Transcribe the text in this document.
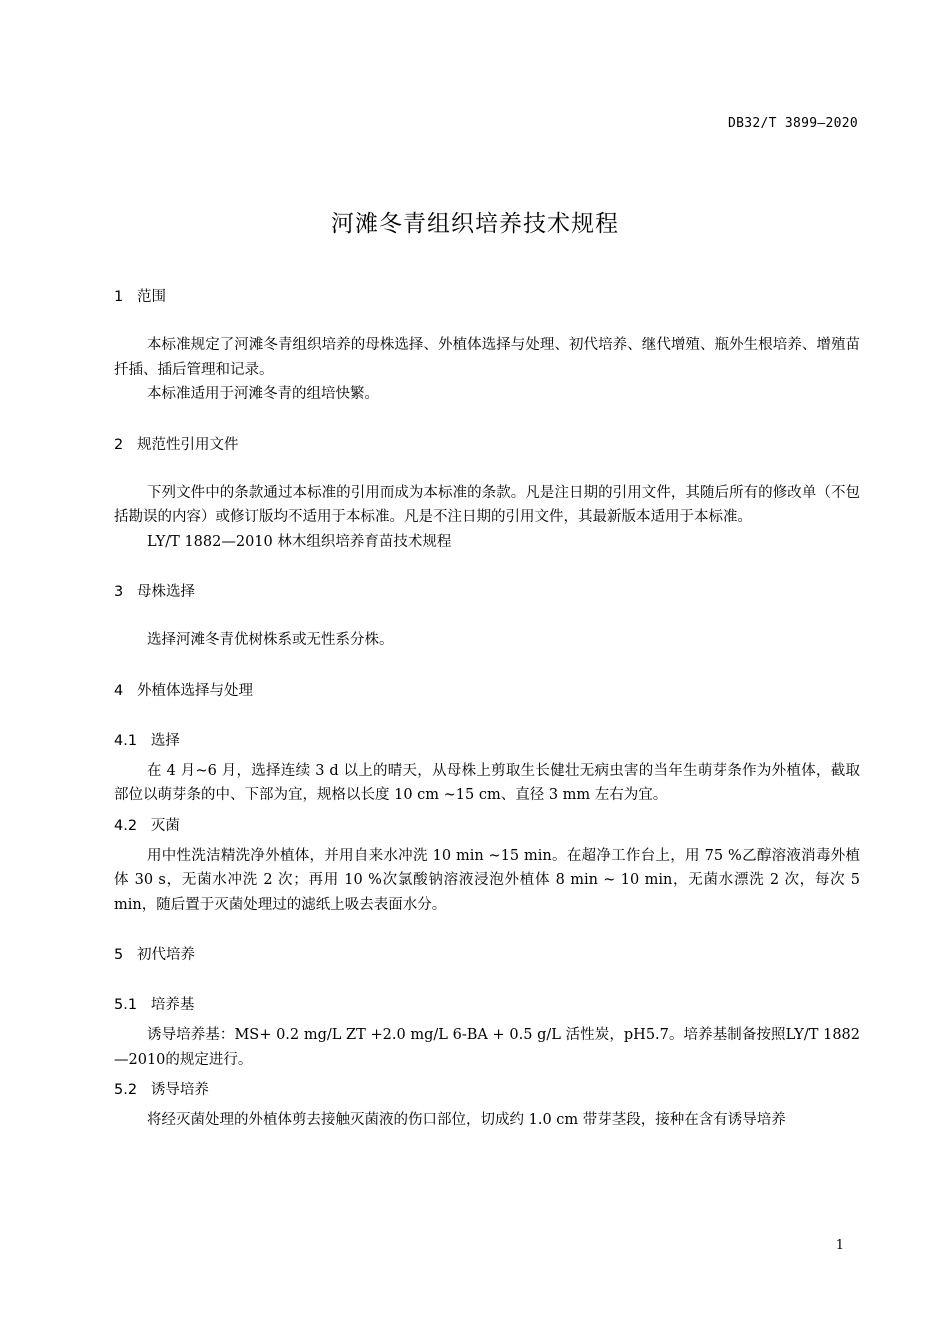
DB32/T 3899—2020
河滩冬青组织培养技术规程
1   范围
本标准规定了河滩冬青组织培养的母株选择、外植体选择与处理、初代培养、继代增殖、瓶外生根培养、增殖苗扦插、插后管理和记录。
本标准适用于河滩冬青的组培快繁。
2   规范性引用文件
下列文件中的条款通过本标准的引用而成为本标准的条款。凡是注日期的引用文件，其随后所有的修改单（不包括勘误的内容）或修订版均不适用于本标准。凡是不注日期的引用文件，其最新版本适用于本标准。
LY/T 1882—2010 林木组织培养育苗技术规程
3   母株选择
选择河滩冬青优树株系或无性系分株。
4   外植体选择与处理
4.1   选择
在 4 月~6 月，选择连续 3 d 以上的晴天，从母株上剪取生长健壮无病虫害的当年生萌芽条作为外植体，截取部位以萌芽条的中、下部为宜，规格以长度 10 cm ~15 cm、直径 3 mm 左右为宜。
4.2   灭菌
用中性洗洁精洗净外植体，并用自来水冲洗 10 min ~15 min。在超净工作台上，用 75 %乙醇溶液消毒外植体 30 s，无菌水冲洗 2 次；再用 10 %次氯酸钠溶液浸泡外植体 8 min ~ 10 min，无菌水漂洗 2 次，每次 5 min，随后置于灭菌处理过的滤纸上吸去表面水分。
5   初代培养
5.1   培养基
诱导培养基：MS+ 0.2 mg/L ZT +2.0 mg/L 6-BA + 0.5 g/L 活性炭，pH5.7。培养基制备按照LY/T 1882—2010的规定进行。
5.2   诱导培养
将经灭菌处理的外植体剪去接触灭菌液的伤口部位，切成约 1.0 cm 带芽茎段，接种在含有诱导培养
1
